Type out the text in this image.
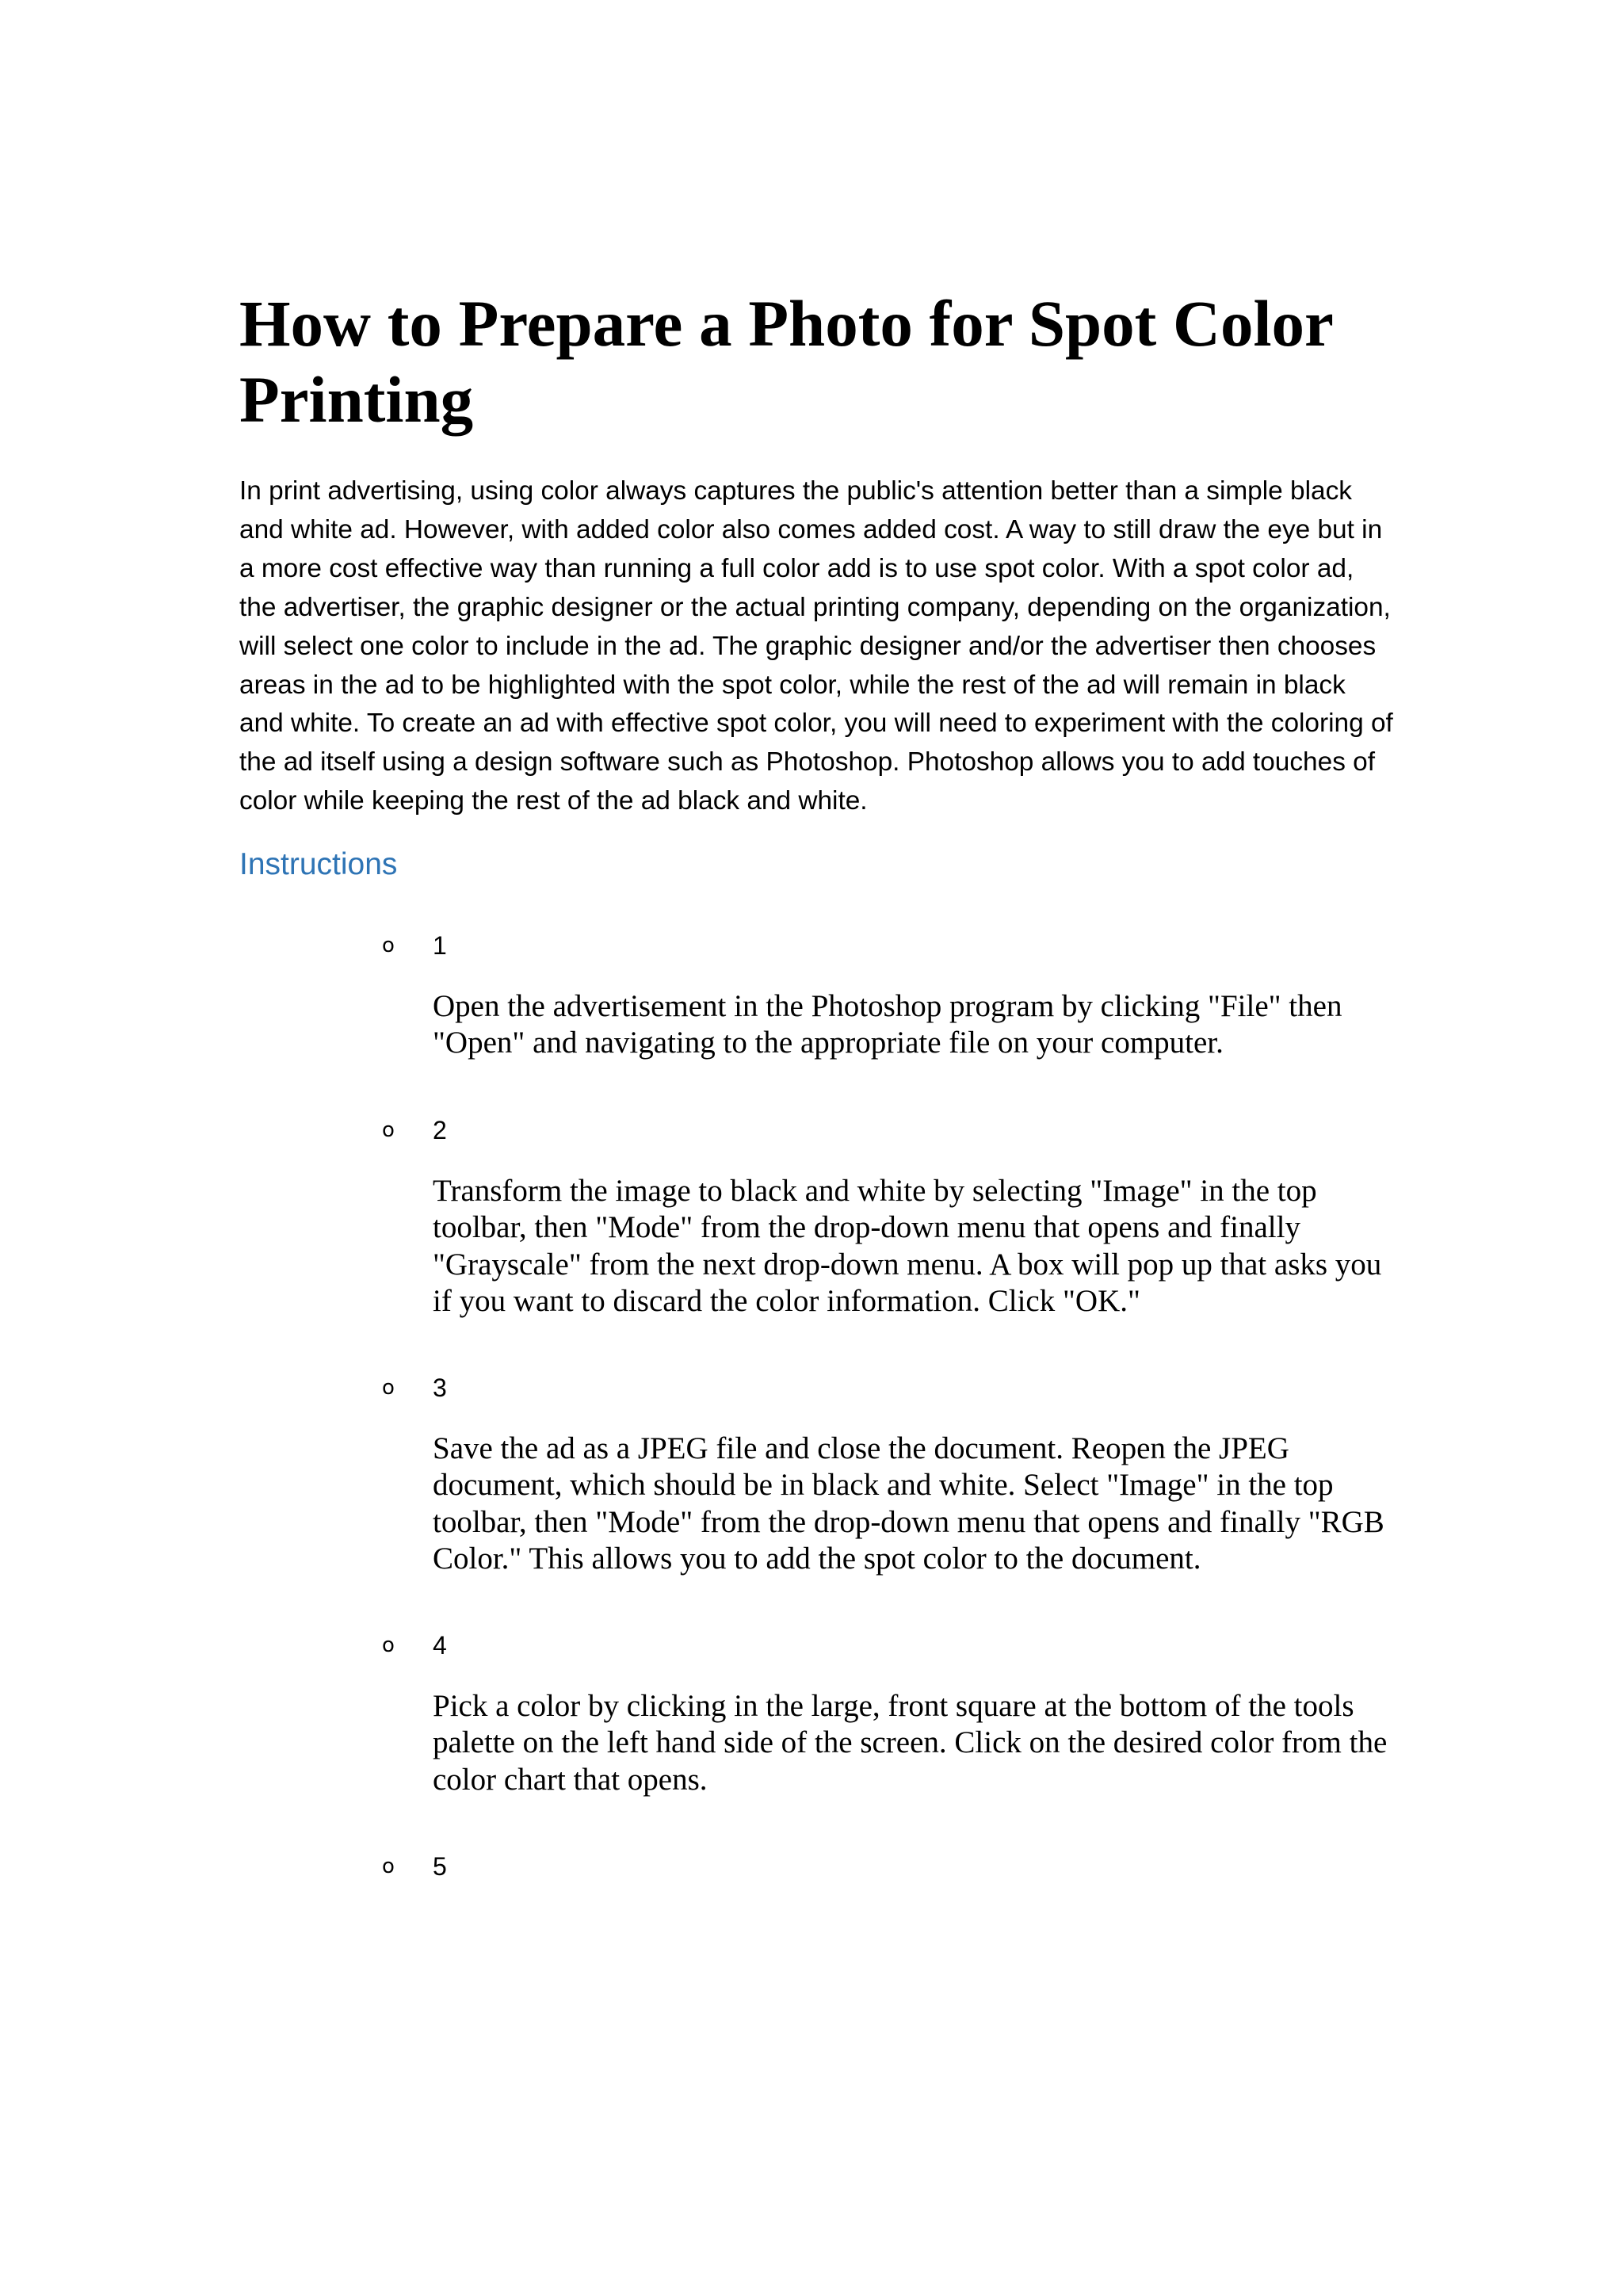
How to Prepare a Photo for Spot Color Printing

In print advertising, using color always captures the public's attention better than a simple black and white ad. However, with added color also comes added cost. A way to still draw the eye but in a more cost effective way than running a full color add is to use spot color. With a spot color ad, the advertiser, the graphic designer or the actual printing company, depending on the organization, will select one color to include in the ad. The graphic designer and/or the advertiser then chooses areas in the ad to be highlighted with the spot color, while the rest of the ad will remain in black and white. To create an ad with effective spot color, you will need to experiment with the coloring of the ad itself using a design software such as Photoshop. Photoshop allows you to add touches of color while keeping the rest of the ad black and white.

Instructions
o 1

Open the advertisement in the Photoshop program by clicking "File" then "Open" and navigating to the appropriate file on your computer.

o 2

Transform the image to black and white by selecting "Image" in the top toolbar, then "Mode" from the drop-down menu that opens and finally "Grayscale" from the next drop-down menu. A box will pop up that asks you if you want to discard the color information. Click "OK."

o 3

Save the ad as a JPEG file and close the document. Reopen the JPEG document, which should be in black and white. Select "Image" in the top toolbar, then "Mode" from the drop-down menu that opens and finally "RGB Color." This allows you to add the spot color to the document.

o 4

Pick a color by clicking in the large, front square at the bottom of the tools palette on the left hand side of the screen. Click on the desired color from the color chart that opens.

o 5
